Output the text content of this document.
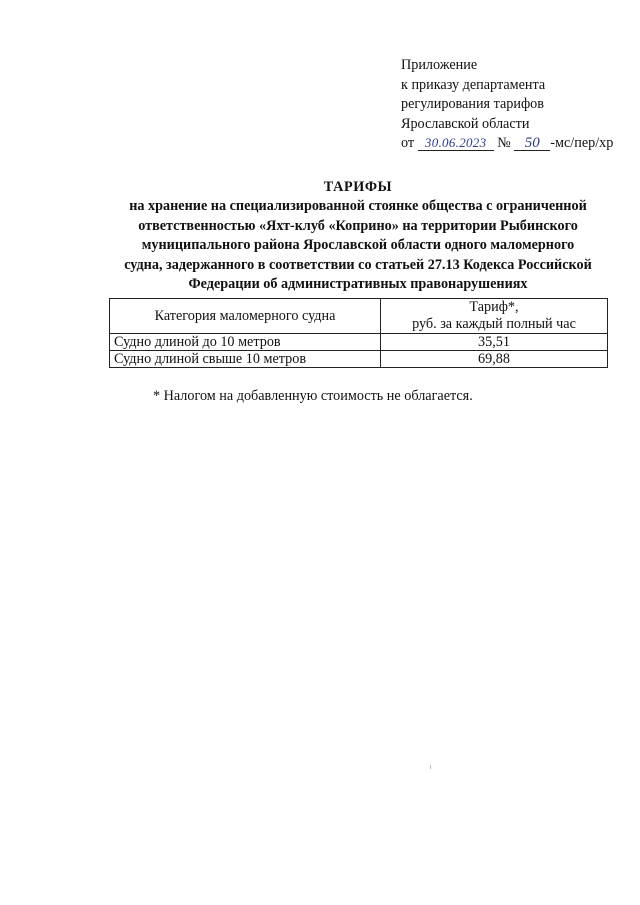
Приложение
к приказу департамента
регулирования тарифов
Ярославской области
от 30.06.2023 № 50 -мс/пер/хр
ТАРИФЫ
на хранение на специализированной стоянке общества с ограниченной
ответственностью «Яхт-клуб «Коприно» на территории Рыбинского
муниципального района Ярославской области одного маломерного
судна, задержанного в соответствии со статьей 27.13 Кодекса Российской
Федерации об административных правонарушениях
Категория маломерного судна	Тариф*,
руб. за каждый полный час

Судно длиной до 10 метров	35,51
Судно длиной свыше 10 метров	69,88
* Налогом на добавленную стоимость не облагается.
